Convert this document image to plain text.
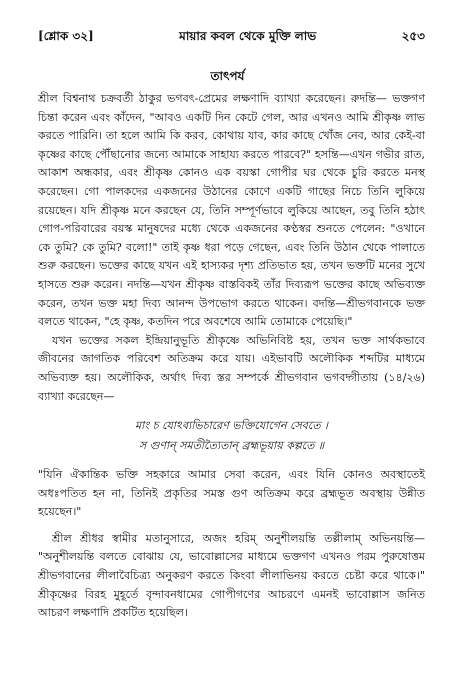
[শ্লোক ৩২]	মায়ার কবল থেকে মুক্তি লাভ	২৫৩
তাৎপর্য

শ্রীল বিশ্বনাথ চক্রবর্তী ঠাকুর ভগবৎ-প্রেমের লক্ষণাদি ব্যাখ্যা করেছেন। রুদন্তি— ভক্তগণ চিন্তা করেন এবং কাঁদেন, "আবও একটি দিন কেটে গেল, আর এখনও আমি শ্রীকৃষ্ণ লাভ করতে পারিনি। তা হলে আমি কি করব, কোথায় যাব, কার কাছে খোঁজ নেব, আর কেই-বা কৃষ্ণের কাছে পৌঁছানোর জন্যে আমাকে সাহায্য করতে পারবে?" হসন্তি—এখন গভীর রাত, আকাশ অন্ধকার, এবং শ্রীকৃষ্ণ কোনও এক বয়স্কা গোপীর ঘর থেকে চুরি করতে মনস্থ করেছেন। গো পালকদের একজনের উঠানের কোণে একটি গাছের নিচে তিনি লুকিয়ে রয়েছেন। যদি শ্রীকৃষ্ণ মনে করছেন যে, তিনি সম্পূর্ণভাবে লুকিয়ে আছেন, তবু তিনি হঠাৎ গোপ-পরিবারের বয়স্ক মানুষদের মধ্যে থেকে একজনের কণ্ঠস্বর শুনতে পেলেন: "ওখানে কে তুমি? কে তুমি? বলো!" তাই কৃষ্ণ ধরা পড়ে গেছেন, এবং তিনি উঠান থেকে পালাতে শুরু করছেন। ভক্তের কাছে যখন এই হাস্যকর দৃশ্য প্রতিভাত হয়, তখন ভক্তটি মনের সুখে হাসতে শুরু করেন। নদন্তি—যখন শ্রীকৃষ্ণ বাস্তবিকই তাঁর দিব্যরূপ ভক্তের কাছে অভিব্যক্ত করেন, তখন ভক্ত মহা দিব্য আনন্দ উপভোগ করতে থাকেন। বদন্তি—শ্রীভগবানকে ভক্ত বলতে থাকেন, "হে কৃষ্ণ, কতদিন পরে অবশেষে আমি তোমাকে পেয়েছি।"

যখন ভক্তের সকল ইন্দ্রিয়ানুভূতি শ্রীকৃষ্ণে অভিনিবিষ্ট হয়, তখন ভক্ত সার্থকভাবে জীবনের জাগতিক পরিবেশ অতিক্রম করে যায়। এইভাবটি অলৌকিক শব্দটির মাধ্যমে অভিব্যক্ত হয়। অলৌকিক, অর্থাৎ দিব্য স্তর সম্পর্কে শ্রীভগবান ভগবদ্গীতায় (১৪/২৬) ব্যাখ্যা করেছেন—

মাং চ যোঽব্যভিচারেণ ভক্তিযোগেন সেবতে ।
স গুণান্ সমতীত্যৈতান্ ব্রহ্মভূয়ায় কল্পতে ॥

"যিনি ঐকান্তিক ভক্তি সহকারে আমার সেবা করেন, এবং যিনি কোনও অবস্থাতেই অধঃপতিত হন না, তিনিই প্রকৃতির সমস্ত গুণ অতিক্রম করে ব্রহ্মভূত অবস্থায় উন্নীত হয়েছেন।"

শ্রীল শ্রীধর স্বামীর মতানুসারে, অজং হরিম্ অনুশীলয়ন্তি তল্লীলাম্ অভিনয়ন্তি— "অনুশীলয়ন্তি বলতে বোঝায় যে, ভাবোল্লাসের মাধ্যমে ভক্তগণ এখনও পরম পুরুষোত্তম শ্রীভগবানের লীলাবৈচিত্র্য অনুকরণ করতে কিংবা লীলাভিনয় করতে চেষ্টা করে থাকে।" শ্রীকৃষ্ণের বিরহ মুহূর্তে বৃন্দাবনধামের গোপীগণের আচরণে এমনই ভাবোল্লাস জনিত আচরণ লক্ষণাদি প্রকটিত হয়েছিল।
